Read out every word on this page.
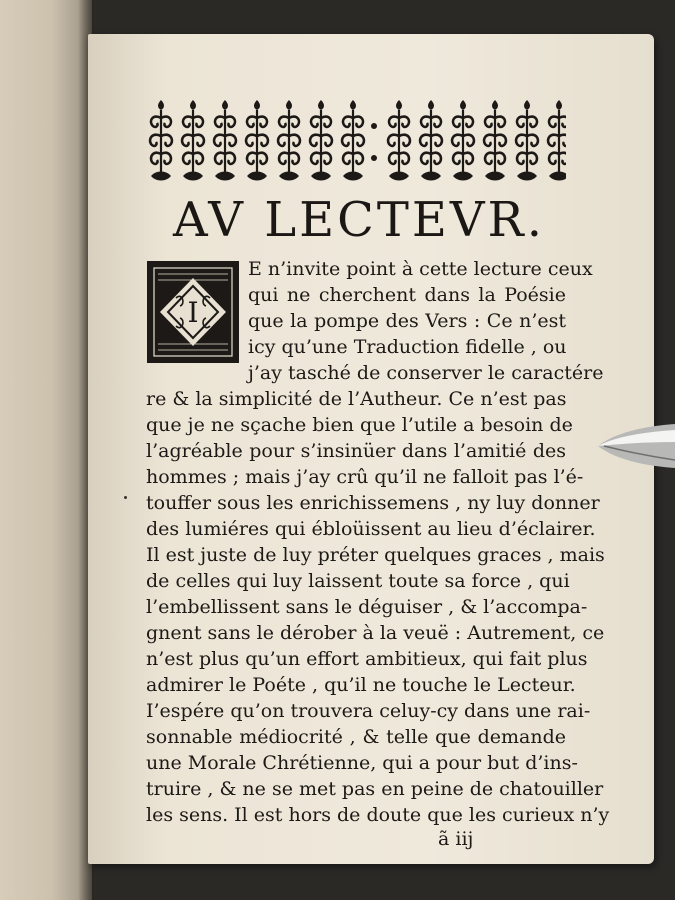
AV LECTEVR.
I

E n’invite point à cette lecture ceux

qui ne cherchent dans la Poésie

que la pompe des Vers : Ce n’est

icy qu’une Traduction fidelle , ou

j’ay tasché de conserver le caractére

re & la simplicité de l’Autheur. Ce n’est pas

que je ne sçache bien que l’utile a besoin de

l’agréable pour s’insinüer dans l’amitié des

hommes ; mais j’ay crû qu’il ne falloit pas l’é-

touffer sous les enrichissemens , ny luy donner

des lumiéres qui ébloüissent au lieu d’éclairer.

Il est juste de luy préter quelques graces , mais

de celles qui luy laissent toute sa force , qui

l’embellissent sans le déguiser , & l’accompa-

gnent sans le dérober à la veuë : Autrement, ce

n’est plus qu’un effort ambitieux, qui fait plus

admirer le Poéte , qu’il ne touche le Lecteur.

I’espére qu’on trouvera celuy-cy dans une rai-

sonnable médiocrité , & telle que demande

une Morale Chrétienne, qui a pour but d’ins-

truire , & ne se met pas en peine de chatouiller

les sens. Il est hors de doute que les curieux n’y

ã iij
